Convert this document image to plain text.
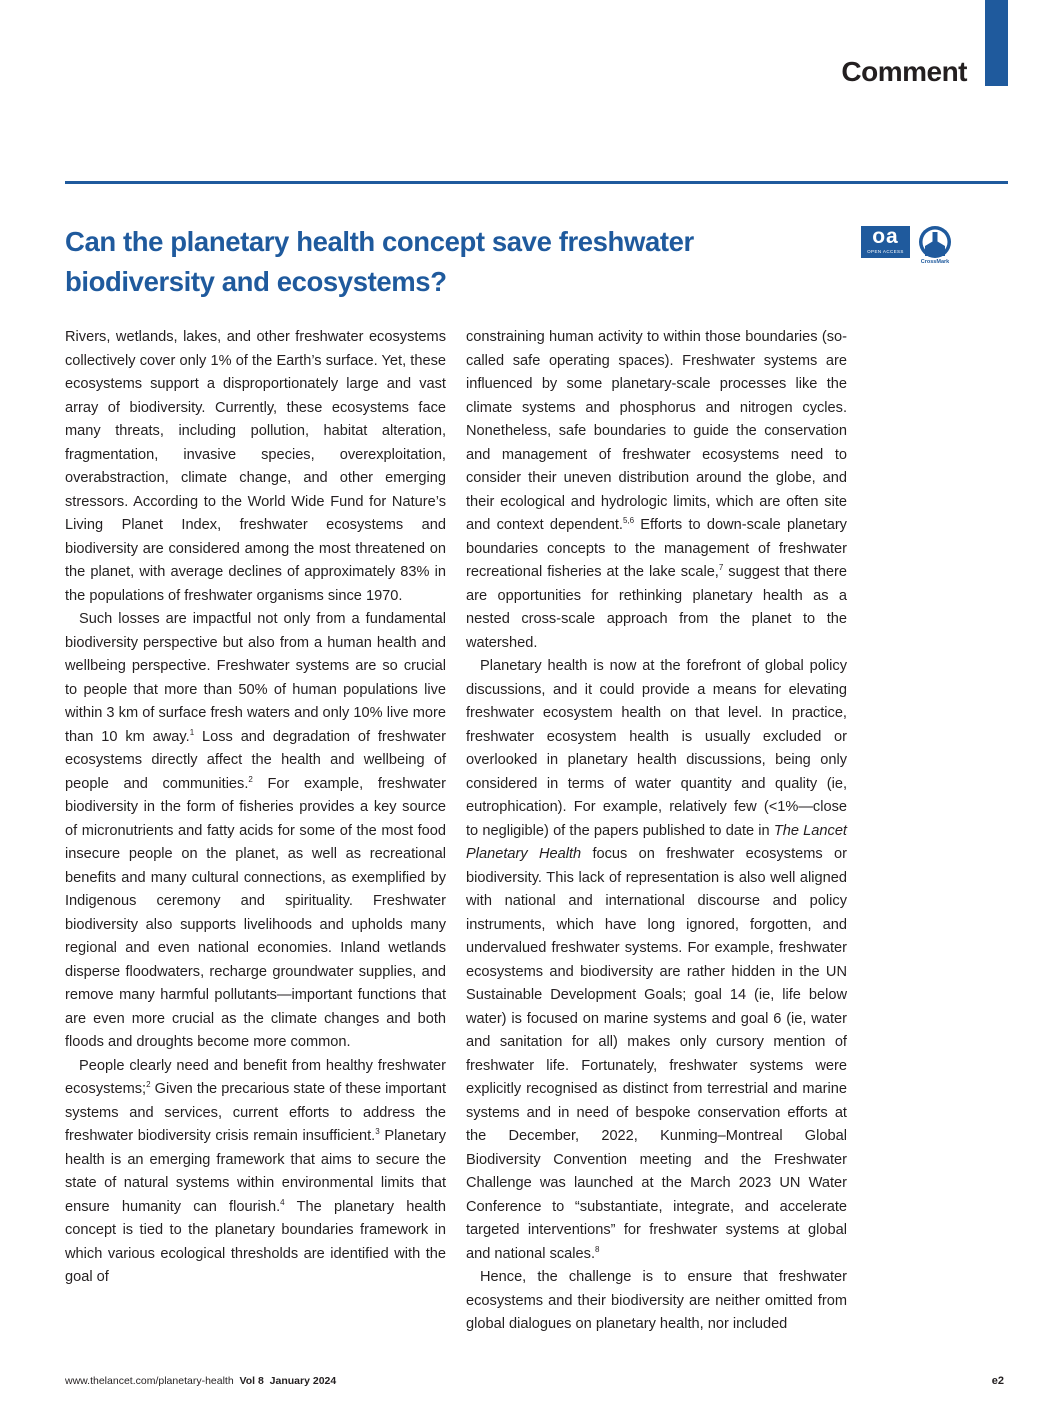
Comment
Can the planetary health concept save freshwater biodiversity and ecosystems?
oa
OPEN ACCESS
CrossMark

Rivers, wetlands, lakes, and other freshwater ecosystems collectively cover only 1% of the Earth’s surface. Yet, these ecosystems support a disproportionately large and vast array of biodiversity. Currently, these ecosystems face many threats, including pollution, habitat alteration, fragmentation, invasive species, overexploitation, overabstraction, climate change, and other emerging stressors. According to the World Wide Fund for Nature’s Living Planet Index, freshwater ecosystems and biodiversity are considered among the most threatened on the planet, with average declines of approximately 83% in the populations of freshwater organisms since 1970.

Such losses are impactful not only from a fundamental biodiversity perspective but also from a human health and wellbeing perspective. Freshwater systems are so crucial to people that more than 50% of human populations live within 3 km of surface fresh waters and only 10% live more than 10 km away.$^1$ Loss and degradation of freshwater ecosystems directly affect the health and wellbeing of people and communities.$^2$ For example, freshwater biodiversity in the form of fisheries provides a key source of micronutrients and fatty acids for some of the most food insecure people on the planet, as well as recreational benefits and many cultural connections, as exemplified by Indigenous ceremony and spirituality. Freshwater biodiversity also supports livelihoods and upholds many regional and even national economies. Inland wetlands disperse floodwaters, recharge groundwater supplies, and remove many harmful pollutants—important functions that are even more crucial as the climate changes and both floods and droughts become more common.

People clearly need and benefit from healthy freshwater ecosystems;$^2$ Given the precarious state of these important systems and services, current efforts to address the freshwater biodiversity crisis remain insufficient.$^3$ Planetary health is an emerging framework that aims to secure the state of natural systems within environmental limits that ensure humanity can flourish.$^4$ The planetary health concept is tied to the planetary boundaries framework in which various ecological thresholds are identified with the goal of

constraining human activity to within those boundaries (so-called safe operating spaces). Freshwater systems are influenced by some planetary-scale processes like the climate systems and phosphorus and nitrogen cycles. Nonetheless, safe boundaries to guide the conservation and management of freshwater ecosystems need to consider their uneven distribution around the globe, and their ecological and hydrologic limits, which are often site and context dependent.$^{5,6}$ Efforts to down-scale planetary boundaries concepts to the management of freshwater recreational fisheries at the lake scale,$^7$ suggest that there are opportunities for rethinking planetary health as a nested cross-scale approach from the planet to the watershed.

Planetary health is now at the forefront of global policy discussions, and it could provide a means for elevating freshwater ecosystem health on that level. In practice, freshwater ecosystem health is usually excluded or overlooked in planetary health discussions, being only considered in terms of water quantity and quality (ie, eutrophication). For example, relatively few (<1%—close to negligible) of the papers published to date in The Lancet Planetary Health focus on freshwater ecosystems or biodiversity. This lack of representation is also well aligned with national and international discourse and policy instruments, which have long ignored, forgotten, and undervalued freshwater systems. For example, freshwater ecosystems and biodiversity are rather hidden in the UN Sustainable Development Goals; goal 14 (ie, life below water) is focused on marine systems and goal 6 (ie, water and sanitation for all) makes only cursory mention of freshwater life. Fortunately, freshwater systems were explicitly recognised as distinct from terrestrial and marine systems and in need of bespoke conservation efforts at the December, 2022, Kunming–Montreal Global Biodiversity Convention meeting and the Freshwater Challenge was launched at the March 2023 UN Water Conference to “substantiate, integrate, and accelerate targeted interventions” for freshwater systems at global and national scales.$^8$

Hence, the challenge is to ensure that freshwater ecosystems and their biodiversity are neither omitted from global dialogues on planetary health, nor included

www.thelancet.com/planetary-health Vol 8 January 2024	e2
